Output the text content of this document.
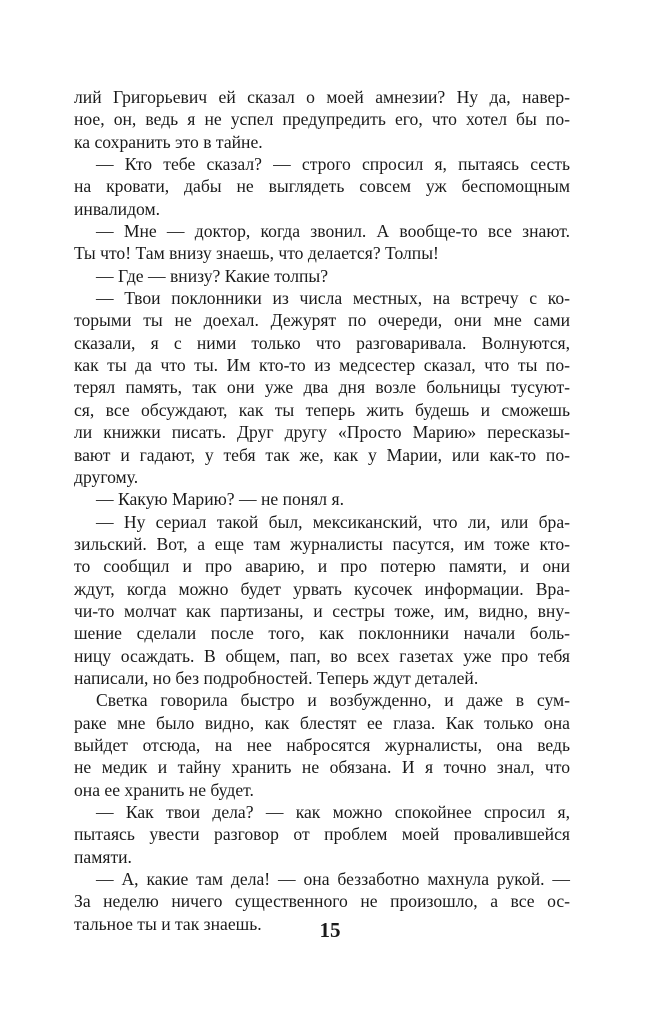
лий Григорьевич ей сказал о моей амнезии? Ну да, навер-
ное, он, ведь я не успел предупредить его, что хотел бы по-
ка сохранить это в тайне.
— Кто тебе сказал? — строго спросил я, пытаясь сесть
на кровати, дабы не выглядеть совсем уж беспомощным
инвалидом.
— Мне — доктор, когда звонил. А вообще-то все знают.
Ты что! Там внизу знаешь, что делается? Толпы!
— Где — внизу? Какие толпы?
— Твои поклонники из числа местных, на встречу с ко-
торыми ты не доехал. Дежурят по очереди, они мне сами
сказали, я с ними только что разговаривала. Волнуются,
как ты да что ты. Им кто-то из медсестер сказал, что ты по-
терял память, так они уже два дня возле больницы тусуют-
ся, все обсуждают, как ты теперь жить будешь и сможешь
ли книжки писать. Друг другу «Просто Марию» пересказы-
вают и гадают, у тебя так же, как у Марии, или как-то по-
другому.
— Какую Марию? — не понял я.
— Ну сериал такой был, мексиканский, что ли, или бра-
зильский. Вот, а еще там журналисты пасутся, им тоже кто-
то сообщил и про аварию, и про потерю памяти, и они
ждут, когда можно будет урвать кусочек информации. Вра-
чи-то молчат как партизаны, и сестры тоже, им, видно, вну-
шение сделали после того, как поклонники начали боль-
ницу осаждать. В общем, пап, во всех газетах уже про тебя
написали, но без подробностей. Теперь ждут деталей.
Светка говорила быстро и возбужденно, и даже в сум-
раке мне было видно, как блестят ее глаза. Как только она
выйдет отсюда, на нее набросятся журналисты, она ведь
не медик и тайну хранить не обязана. И я точно знал, что
она ее хранить не будет.
— Как твои дела? — как можно спокойнее спросил я,
пытаясь увести разговор от проблем моей провалившейся
памяти.
— А, какие там дела! — она беззаботно махнула рукой. —
За неделю ничего существенного не произошло, а все ос-
тальное ты и так знаешь.	15
